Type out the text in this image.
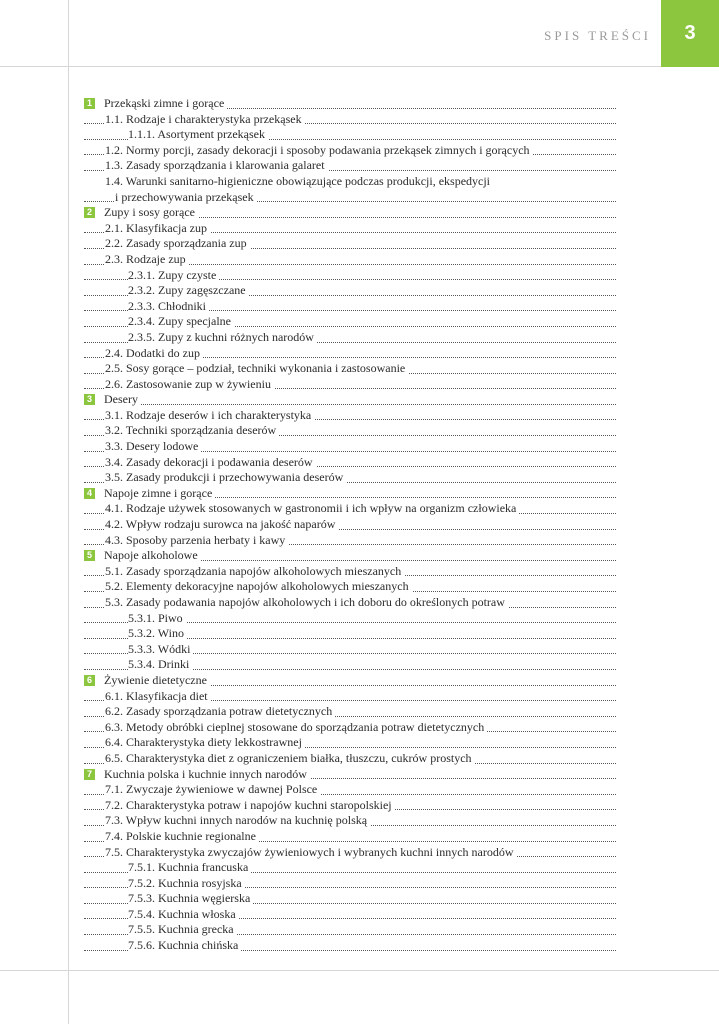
SPIS TREŚCI 3
1 Przekąski zimne i gorące
1.1. Rodzaje i charakterystyka przekąsek
1.1.1. Asortyment przekąsek
1.2. Normy porcji, zasady dekoracji i sposoby podawania przekąsek zimnych i gorących
1.3. Zasady sporządzania i klarowania galaret
1.4. Warunki sanitarno-higieniczne obowiązujące podczas produkcji, ekspedycji
i przechowywania przekąsek
2 Zupy i sosy gorące
2.1. Klasyfikacja zup
2.2. Zasady sporządzania zup
2.3. Rodzaje zup
2.3.1. Zupy czyste
2.3.2. Zupy zagęszczane
2.3.3. Chłodniki
2.3.4. Zupy specjalne
2.3.5. Zupy z kuchni różnych narodów
2.4. Dodatki do zup
2.5. Sosy gorące – podział, techniki wykonania i zastosowanie
2.6. Zastosowanie zup w żywieniu
3 Desery
3.1. Rodzaje deserów i ich charakterystyka
3.2. Techniki sporządzania deserów
3.3. Desery lodowe
3.4. Zasady dekoracji i podawania deserów
3.5. Zasady produkcji i przechowywania deserów
4 Napoje zimne i gorące
4.1. Rodzaje używek stosowanych w gastronomii i ich wpływ na organizm człowieka
4.2. Wpływ rodzaju surowca na jakość naparów
4.3. Sposoby parzenia herbaty i kawy
5 Napoje alkoholowe
5.1. Zasady sporządzania napojów alkoholowych mieszanych
5.2. Elementy dekoracyjne napojów alkoholowych mieszanych
5.3. Zasady podawania napojów alkoholowych i ich doboru do określonych potraw
5.3.1. Piwo
5.3.2. Wino
5.3.3. Wódki
5.3.4. Drinki
6 Żywienie dietetyczne
6.1. Klasyfikacja diet
6.2. Zasady sporządzania potraw dietetycznych
6.3. Metody obróbki cieplnej stosowane do sporządzania potraw dietetycznych
6.4. Charakterystyka diety lekkostrawnej
6.5. Charakterystyka diet z ograniczeniem białka, tłuszczu, cukrów prostych
7 Kuchnia polska i kuchnie innych narodów
7.1. Zwyczaje żywieniowe w dawnej Polsce
7.2. Charakterystyka potraw i napojów kuchni staropolskiej
7.3. Wpływ kuchni innych narodów na kuchnię polską
7.4. Polskie kuchnie regionalne
7.5. Charakterystyka zwyczajów żywieniowych i wybranych kuchni innych narodów
7.5.1. Kuchnia francuska
7.5.2. Kuchnia rosyjska
7.5.3. Kuchnia węgierska
7.5.4. Kuchnia włoska
7.5.5. Kuchnia grecka
7.5.6. Kuchnia chińska
